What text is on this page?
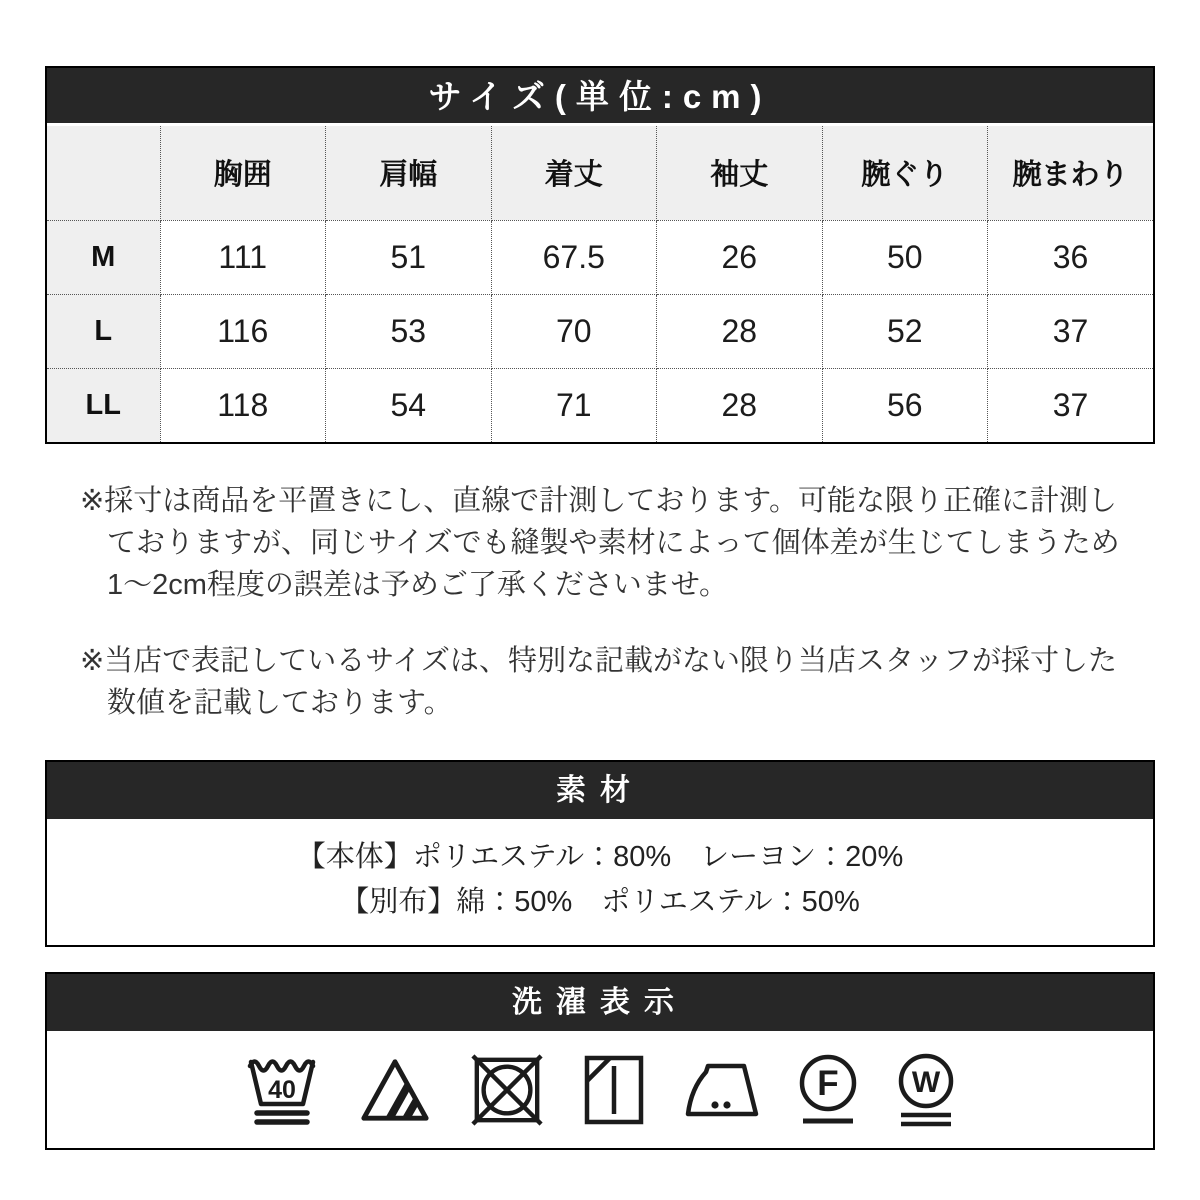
サイズ(単位:cm)
	胸囲	肩幅	着丈	袖丈	腕ぐり	腕まわり
M	111	51	67.5	26	50	36
L	116	53	70	28	52	37
LL	118	54	71	28	56	37
※採寸は商品を平置きにし、直線で計測しております。可能な限り正確に計測し
ておりますが、同じサイズでも縫製や素材によって個体差が生じてしまうため
1〜2cm程度の誤差は予めご了承くださいませ。
※当店で表記しているサイズは、特別な記載がない限り当店スタッフが採寸した
数値を記載しております。
素材
【本体】ポリエステル：80%　レーヨン：20%
【別布】綿：50%　ポリエステル：50%
洗濯表示
40	F W
